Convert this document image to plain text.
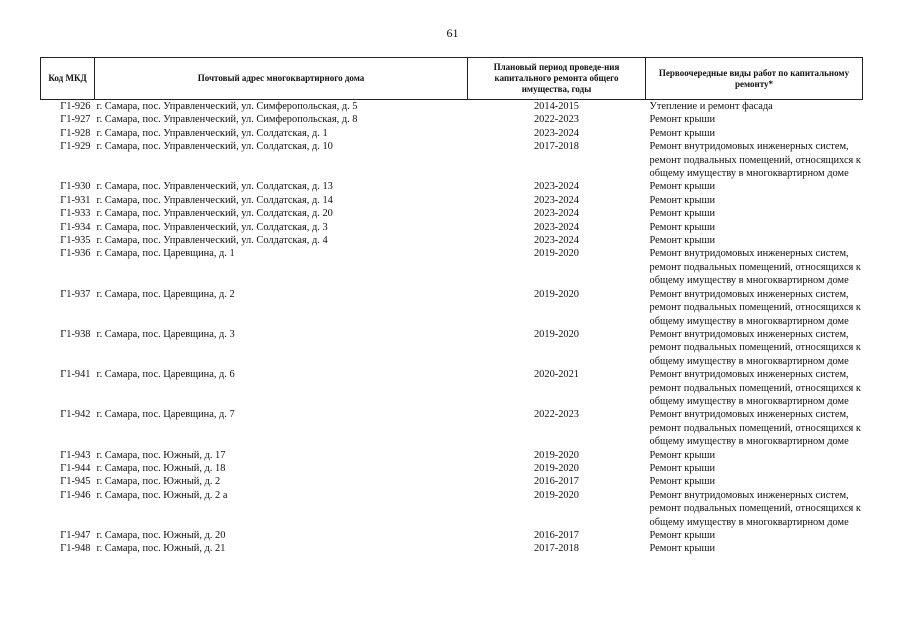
61
Код МКД	Почтовый адрес многоквартирного дома	Плановый период проведе-ния капитального ремонта общего имущества, годы	Первоочередные виды работ по капитальному ремонту*
Г1-926	г. Самара, пос. Управленческий, ул. Симферопольская, д. 5	2014-2015	Утепление и ремонт фасада

Г1-927	г. Самара, пос. Управленческий, ул. Симферопольская, д. 8	2022-2023	Ремонт крыши

Г1-928	г. Самара, пос. Управленческий, ул. Солдатская, д. 1	2023-2024	Ремонт крыши

Г1-929	г. Самара, пос. Управленческий, ул. Солдатская, д. 10	2017-2018	Ремонт внутридомовых инженерных систем,
ремонт подвальных помещений, относящихся к
общему имуществу в многоквартирном доме

Г1-930	г. Самара, пос. Управленческий, ул. Солдатская, д. 13	2023-2024	Ремонт крыши

Г1-931	г. Самара, пос. Управленческий, ул. Солдатская, д. 14	2023-2024	Ремонт крыши

Г1-933	г. Самара, пос. Управленческий, ул. Солдатская, д. 20	2023-2024	Ремонт крыши

Г1-934	г. Самара, пос. Управленческий, ул. Солдатская, д. 3	2023-2024	Ремонт крыши

Г1-935	г. Самара, пос. Управленческий, ул. Солдатская, д. 4	2023-2024	Ремонт крыши

Г1-936	г. Самара, пос. Царевщина, д. 1	2019-2020	Ремонт внутридомовых инженерных систем,
ремонт подвальных помещений, относящихся к
общему имуществу в многоквартирном доме

Г1-937	г. Самара, пос. Царевщина, д. 2	2019-2020	Ремонт внутридомовых инженерных систем,
ремонт подвальных помещений, относящихся к
общему имуществу в многоквартирном доме

Г1-938	г. Самара, пос. Царевщина, д. 3	2019-2020	Ремонт внутридомовых инженерных систем,
ремонт подвальных помещений, относящихся к
общему имуществу в многоквартирном доме

Г1-941	г. Самара, пос. Царевщина, д. 6	2020-2021	Ремонт внутридомовых инженерных систем,
ремонт подвальных помещений, относящихся к
общему имуществу в многоквартирном доме

Г1-942	г. Самара, пос. Царевщина, д. 7	2022-2023	Ремонт внутридомовых инженерных систем,
ремонт подвальных помещений, относящихся к
общему имуществу в многоквартирном доме

Г1-943	г. Самара, пос. Южный, д. 17	2019-2020	Ремонт крыши

Г1-944	г. Самара, пос. Южный, д. 18	2019-2020	Ремонт крыши

Г1-945	г. Самара, пос. Южный, д. 2	2016-2017	Ремонт крыши

Г1-946	г. Самара, пос. Южный, д. 2 а	2019-2020	Ремонт внутридомовых инженерных систем,
ремонт подвальных помещений, относящихся к
общему имуществу в многоквартирном доме

Г1-947	г. Самара, пос. Южный, д. 20	2016-2017	Ремонт крыши

Г1-948	г. Самара, пос. Южный, д. 21	2017-2018	Ремонт крыши
